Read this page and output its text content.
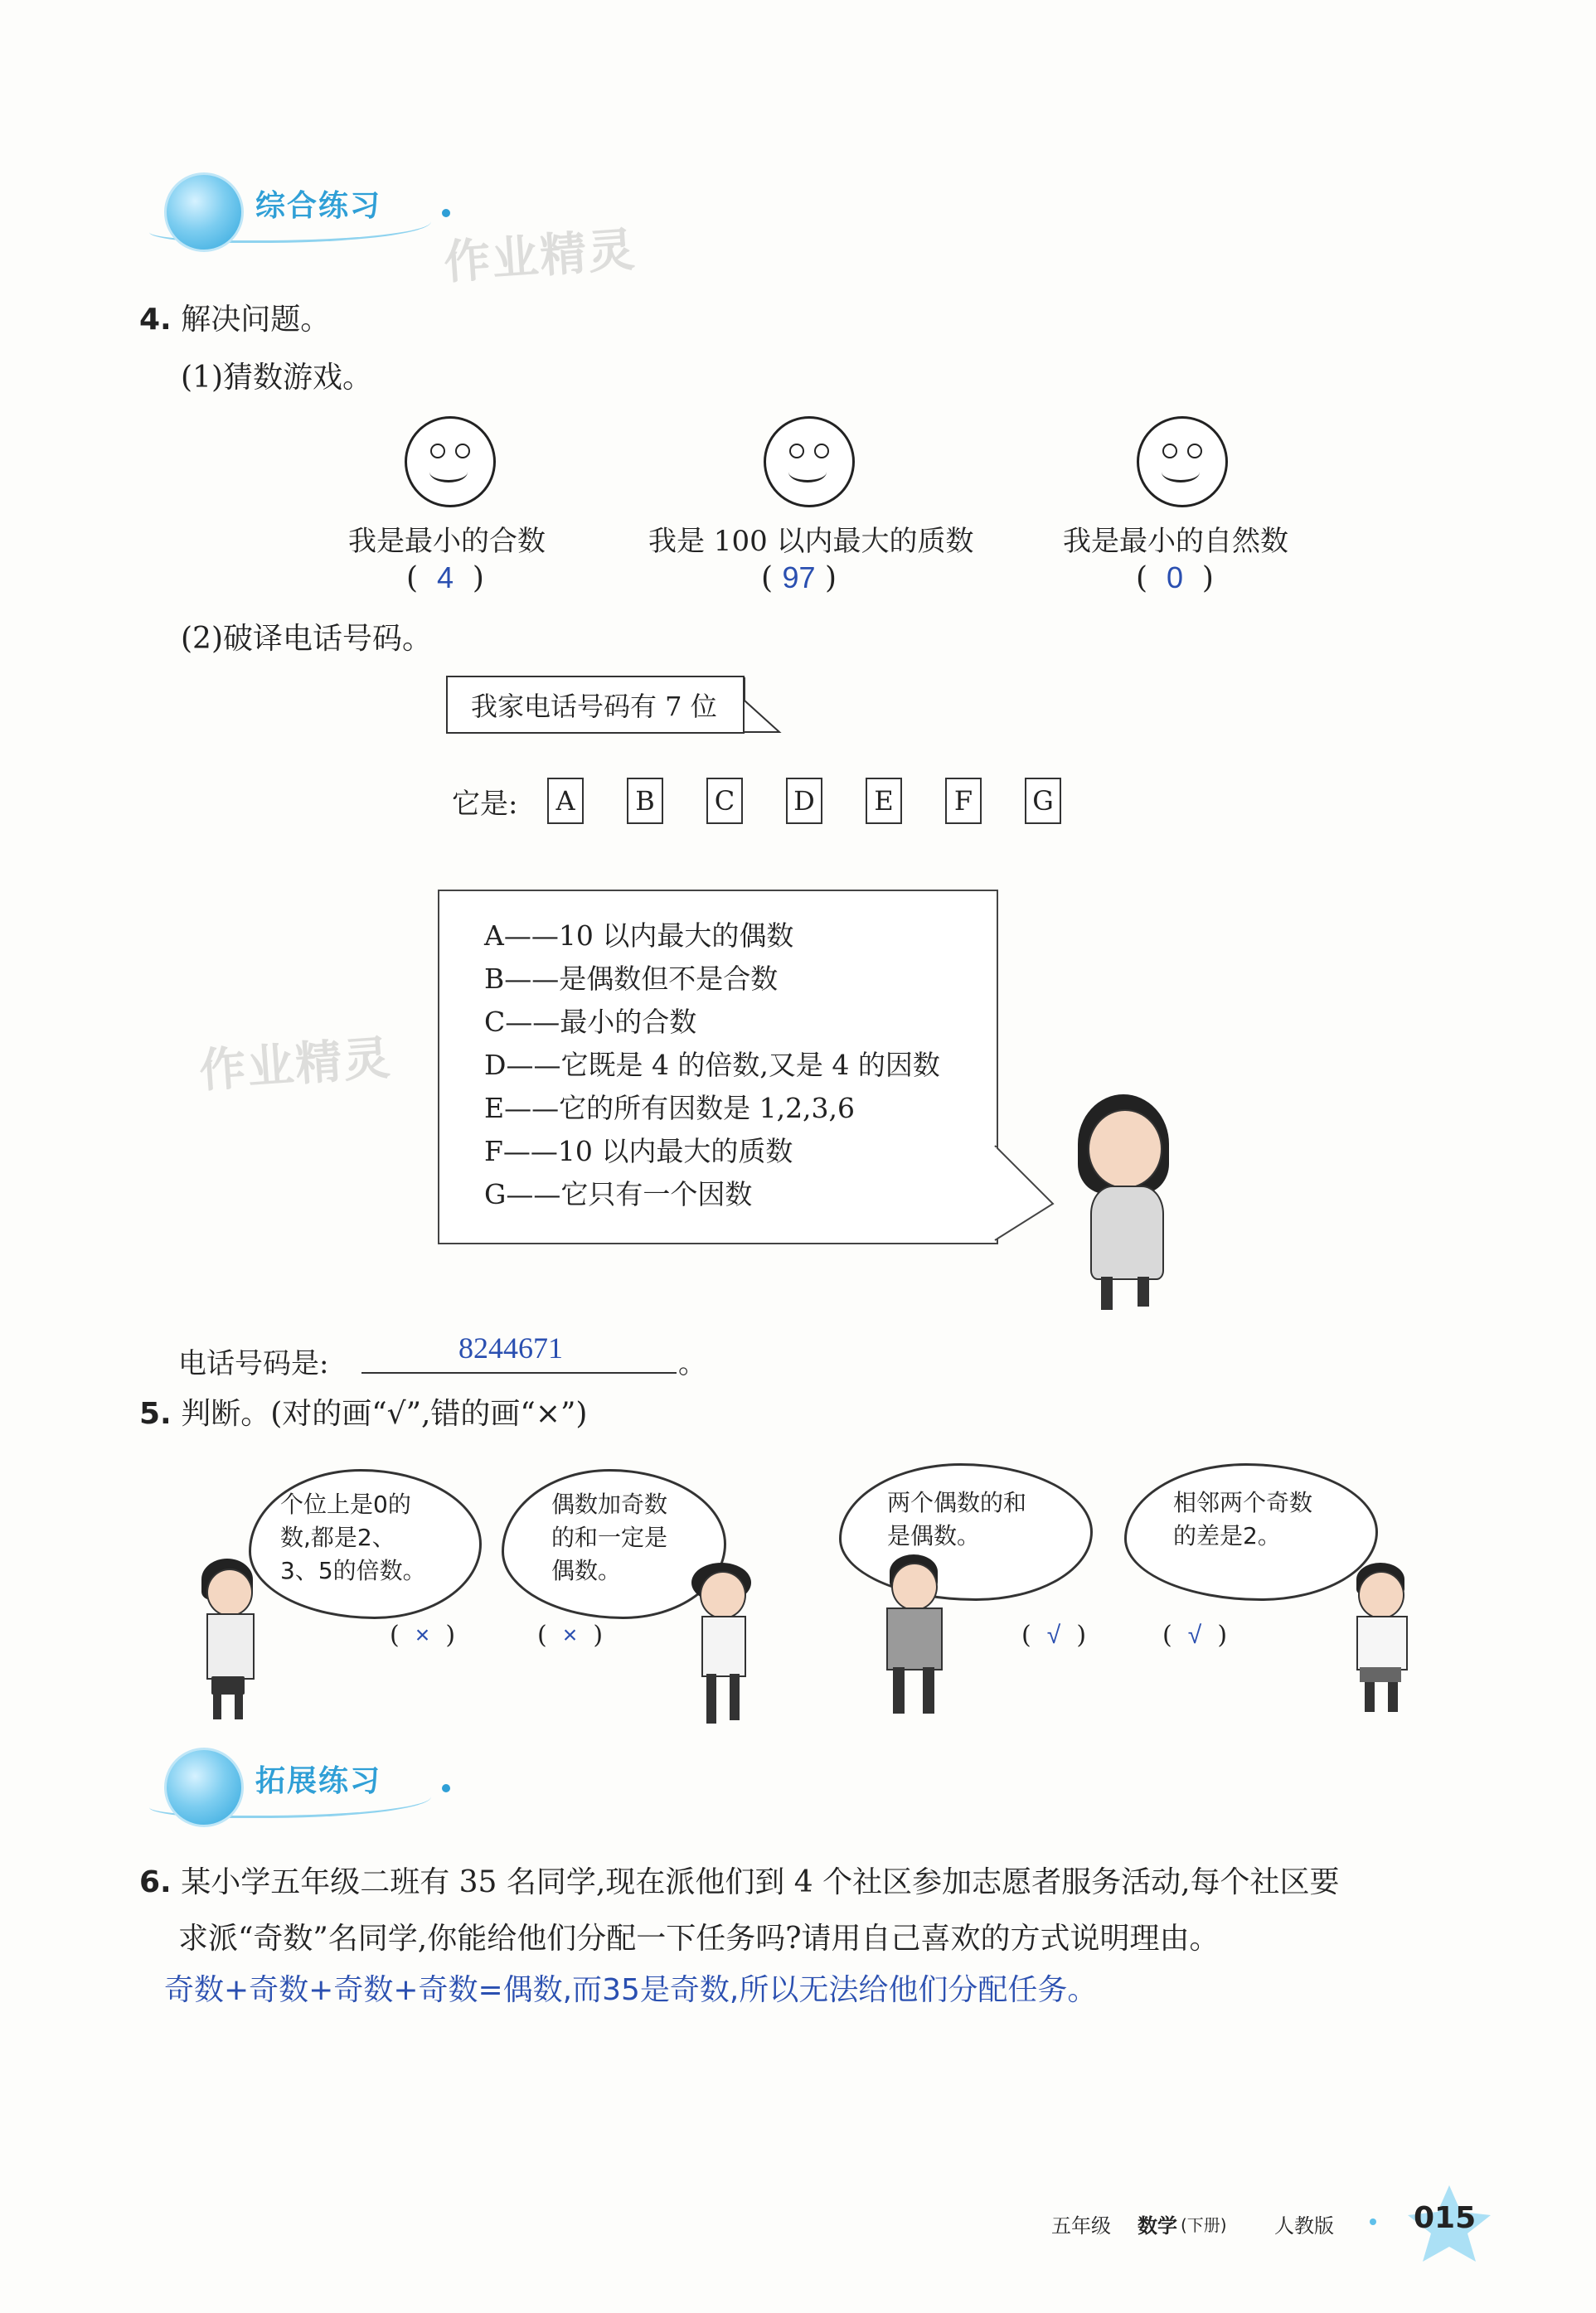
综合练习
作业精灵
4. 解决问题。
(1)猜数游戏。
我是最小的合数	我是 100 以内最大的质数	我是最小的自然数
(  4  )	( 97 )	(  0  )
(2)破译电话号码。
我家电话号码有 7 位
它是:	A	B	C	D	E	F	G
A——10 以内最大的偶数
B——是偶数但不是合数
C——最小的合数
D——它既是 4 的倍数,又是 4 的因数
E——它的所有因数是 1,2,3,6
F——10 以内最大的质数
G——它只有一个因数
作业精灵
电话号码是:	8244671	。
5. 判断。(对的画“√”,错的画“×”)
个位上是0的
数,都是2、
3、5的倍数。
偶数加奇数
的和一定是
偶数。
两个偶数的和
是偶数。
相邻两个奇数
的差是2。
(  ×  )	(  ×  )	(  √  )	(  √  )
拓展练习
6. 某小学五年级二班有 35 名同学,现在派他们到 4 个社区参加志愿者服务活动,每个社区要
求派“奇数”名同学,你能给他们分配一下任务吗?请用自己喜欢的方式说明理由。
奇数+奇数+奇数+奇数=偶数,而35是奇数,所以无法给他们分配任务。
五年级 数学 (下册) 人教版	015
